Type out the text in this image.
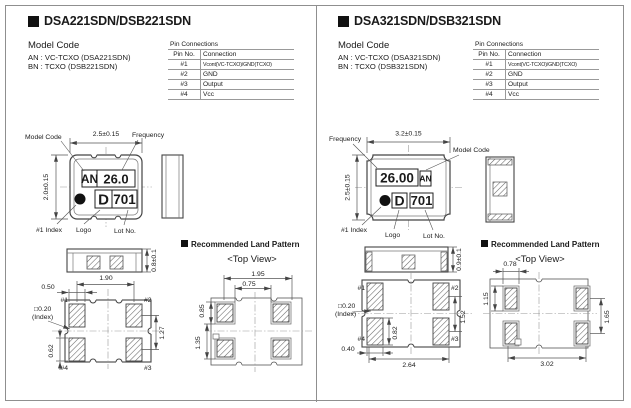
DSA221SDN/DSB221SDN
Model Code
AN : VC-TCXO (DSA221SDN)
BN : TCXO (DSB221SDN)
Pin Connections
Pin No.	Connection
#1	Vcont(VC-TCXO)/GND(TCXO)
#2	GND
#3	Output
#4	Vcc
AN 26.0
D 701
2.5±0.15
2.0±0.15
Model Code	Frequency
#1 Index Logo	Lot No.
0.8±0.1
#1	#2
#3
#4
0.50
1.90
□0.20
(Index)
1.27
0.62
Recommended Land Pattern
<Top View>
1.95
0.75
0.85
1.35
DSA321SDN/DSB321SDN
Model Code
AN : VC-TCXO (DSA321SDN)
BN : TCXO (DSB321SDN)
Pin Connections
Pin No.	Connection
#1	Vcont(VC-TCXO)/GND(TCXO)
#2	GND
#3	Output
#4	Vcc
26.00 AN
D 701
3.2±0.15
2.5±0.15
Frequency
Model Code
#1 Index
Logo	Lot No.
0.9±0.1
#1	#2
#3
#4
□0.20
(Index)	1.52
0.82
0.40
2.64
Recommended Land Pattern
<Top View>
0.78
1.15
1.65
3.02
